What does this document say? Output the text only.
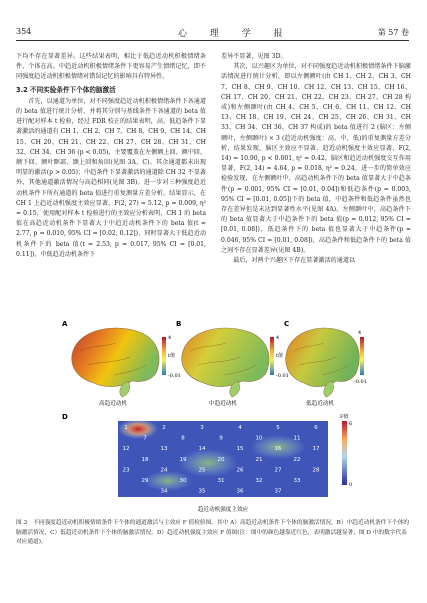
354	心 理 学 报	第 57 卷

下均不存在显著差异。这些结果表明，相比于低趋近动机积极情绪条件，个体在高、中趋近动机积极情绪条件下更容易产生情绪记忆，即不同强度趋近动机积极情绪对错误记忆的影响具有特异性。

3.2 不同实验条件下个体的脑激活

首先，以通道为单位，对不同强度趋近动机积极情绪条件下各通道的 beta 值进行统计分析，并将其分别与基线条件下各通道的 beta 值进行配对样本 t 检验，经过 FDR 校正的结果表明，高、低趋条件下显著激活的通道有 CH 1、CH 2、CH 7、CH 8、CH 9、CH 14、CH 15、CH 20、CH 21、CH 22、CH 27、CH 28、CH 31、CH 32、CH 34、CH 36 (p < 0.05)，主要覆盖在左侧额上回、额中回、额下回、额叶眶部、颞上回和角回(见图 3A、C)。其余通道都未出现明显的激活(p > 0.05)；中趋条件下显著激活的通道除 CH 32 不显著外，其他通道激活情况与高趋相同(见图 3B)。进一步对三种强度趋近动机条件下所有通道的 beta 值进行重复测量方差分析，结果显示，在 CH 1 上趋近动机强度主效应显著，F(2, 27) = 5.12, p = 0.009, η² = 0.15，使用配对样本 t 检验进行的主效应分析表明，CH 1 的 beta 值在高趋近动机条件下显著大于中趋近动机条件下的 beta 值(t = 2.77, p = 0.010, 95% CI = [0.02, 0.12])，同时显著大于低趋近动机条件下的 beta 值(t = 2.53, p = 0.017, 95% CI = [0.01, 0.11])，中低趋近动机条件下

差异不显著，见图 3D。

其次，以兴趣区为单位，对不同强度趋近动机积极情绪条件下脑激活情况进行统计分析，即以左侧额叶(由 CH 1、CH 2、CH 3、CH 7、CH 8、CH 9、CH 10、CH 12、CH 13、CH 15、CH 16、CH 17、CH 20、CH 21、CH 22、CH 23、CH 27、CH 28 构成)和左侧颞叶(由 CH 4、CH 5、CH 6、CH 11、CH 12、CH 13、CH 18、CH 19、CH 24、CH 25、CH 26、CH 31、CH 33、CH 34、CH 36、CH 37 构成)的 beta 值进行 2 (脑区：左侧额叶，左侧颞叶) × 3 (趋近动机强度：高、中、低)的重复测量方差分析，结果发现，脑区主效应不显著，趋近动机强度主效应显著，F(2, 14) = 10.90, p < 0.001, η² = 0.42，脑区和趋近动机强度交互作用显著，F(2, 14) = 4.64, p = 0.018, η² = 0.24，进一步的简单效应检验发现，在左侧额叶中，高趋动机条件下的 beta 值显著大于中趋条件(p = 0.001, 95% CI = [0.01, 0.04])和低趋条件(p = 0.003, 95% CI = [0.01, 0.05])下的 beta 值，中趋条件和低趋条件虽然也存在差异但是未达到显著性水平(见图 4A)。左侧颞叶中，高趋条件下的 beta 值显著大于中趋条件下的 beta 值(p = 0.012, 95% CI = [0.01, 0.08])，低趋条件下的 beta 值也显著大于中趋条件(p = 0.046, 95% CI = [0.01, 0.08])，高趋条件和低趋条件下的 beta 值之间不存在显著差异(见图 4B)。

最后，对两个兴趣区下存在显著激活的通道以

A
4
t值
-0.01
高趋近动机
B
4
t值
-0.01
中趋近动机
C
4
-0.01
低趋近动机
D
1	2	3	4	5	6
7	8	9	10	11
12	13	14	15	16	17
18	19	20	21	22
23	24	25	26	27	28
29	30	31	32	33
34	35	36	37
F值
6
0
趋近动机强度主效应
图 3 不同强度趋近动机积极情绪条件下个体的通道激活与主效应 F 值检验图。其中 A）高趋近动机条件下个体的脑激活情况，B）中趋近动机条件下个体的脑激活情况，C）低趋近动机条件下个体的脑激活情况，D）趋近动机强度主效应 F 值图(注：图中的颜色越靠近红色，表明激活越显著；图 D 中的数字代表对应通道)。
